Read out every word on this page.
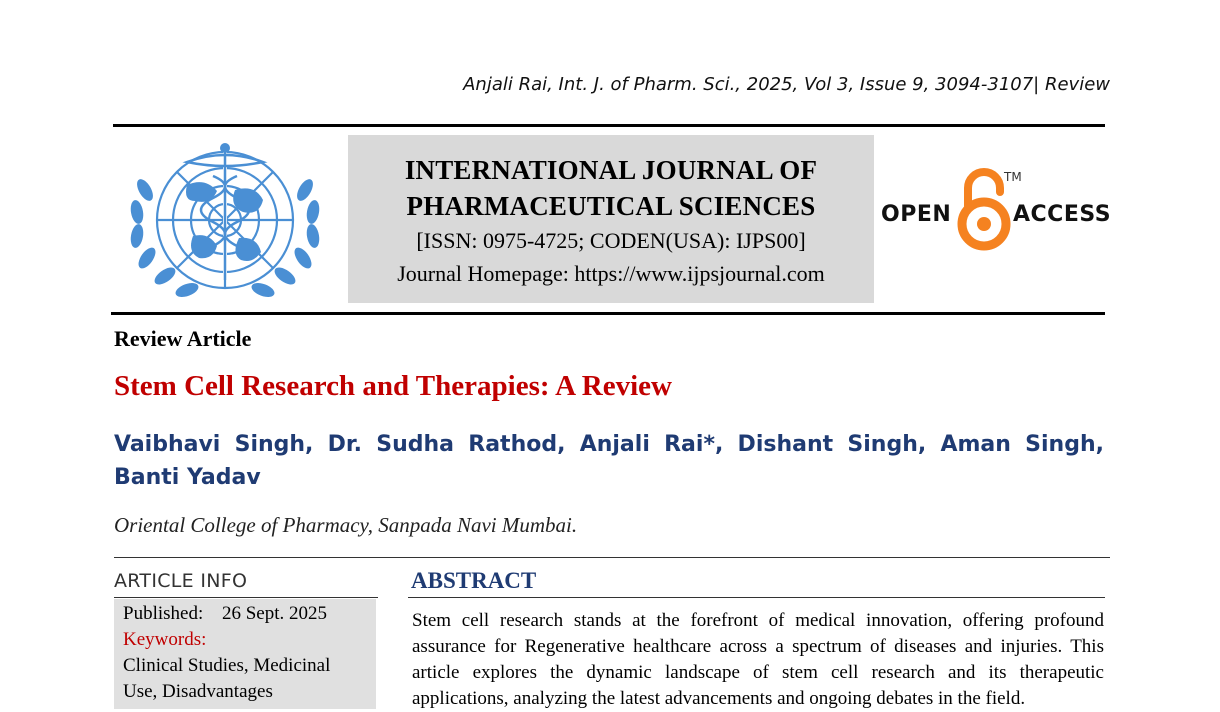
Anjali Rai, Int. J. of Pharm. Sci., 2025, Vol 3, Issue 9, 3094-3107| Review
INTERNATIONAL JOURNAL OF
PHARMACEUTICAL SCIENCES
[ISSN: 0975-4725; CODEN(USA): IJPS00]
Journal Homepage: https://www.ijpsjournal.com
OPEN
TM
ACCESS
Review Article
Stem Cell Research and Therapies: A Review
Vaibhavi Singh, Dr. Sudha Rathod, Anjali Rai*, Dishant Singh, Aman Singh, Banti Yadav
Oriental College of Pharmacy, Sanpada Navi Mumbai.
ARTICLE INFO
Published: 26 Sept. 2025
Keywords:
Clinical Studies, Medicinal Use, Disadvantages
ABSTRACT
Stem cell research stands at the forefront of medical innovation, offering profound assurance for Regenerative healthcare across a spectrum of diseases and injuries. This article explores the dynamic landscape of stem cell research and its therapeutic applications, analyzing the latest advancements and ongoing debates in the field.
